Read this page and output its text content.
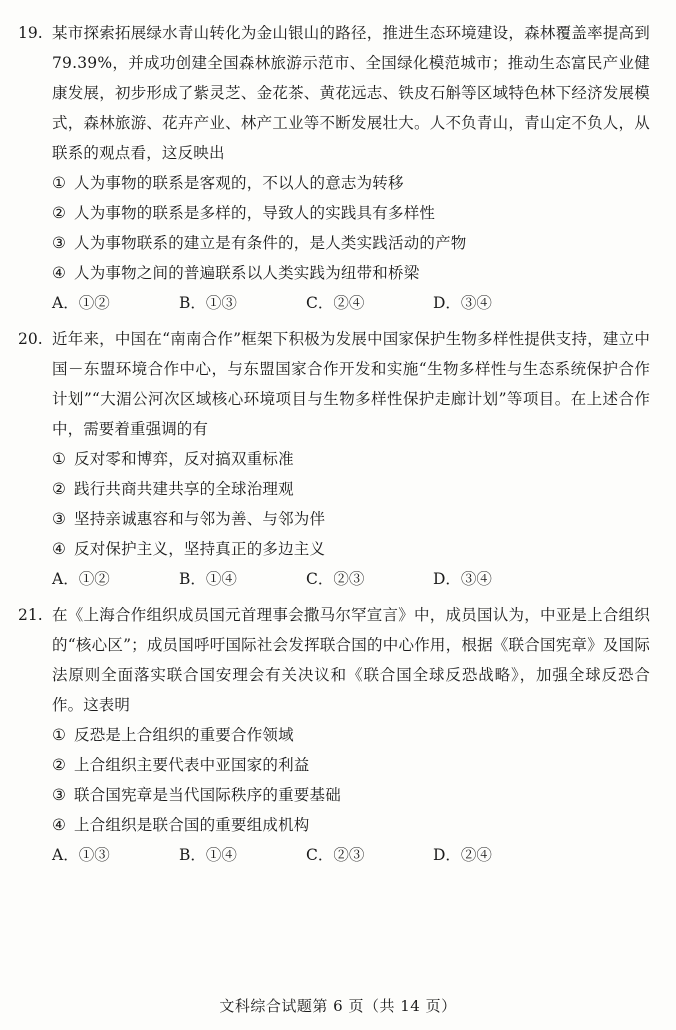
19. 某市探索拓展绿水青山转化为金山银山的路径，推进生态环境建设，森林覆盖率提高到 79.39%，并成功创建全国森林旅游示范市、全国绿化模范城市；推动生态富民产业健康发展，初步形成了紫灵芝、金花茶、黄花远志、铁皮石斛等区域特色林下经济发展模式，森林旅游、花卉产业、林产工业等不断发展壮大。人不负青山，青山定不负人，从联系的观点看，这反映出
① 人为事物的联系是客观的，不以人的意志为转移
② 人为事物的联系是多样的，导致人的实践具有多样性
③ 人为事物联系的建立是有条件的，是人类实践活动的产物
④ 人为事物之间的普遍联系以人类实践为纽带和桥梁
A．①②	B．①③	C．②④	D．③④
20. 近年来，中国在“南南合作”框架下积极为发展中国家保护生物多样性提供支持，建立中国－东盟环境合作中心，与东盟国家合作开发和实施“生物多样性与生态系统保护合作计划”“大湄公河次区域核心环境项目与生物多样性保护走廊计划”等项目。在上述合作中，需要着重强调的有
① 反对零和博弈，反对搞双重标准
② 践行共商共建共享的全球治理观
③ 坚持亲诚惠容和与邻为善、与邻为伴
④ 反对保护主义，坚持真正的多边主义
A．①②	B．①④	C．②③	D．③④
21. 在《上海合作组织成员国元首理事会撒马尔罕宣言》中，成员国认为，中亚是上合组织的“核心区”；成员国呼吁国际社会发挥联合国的中心作用，根据《联合国宪章》及国际法原则全面落实联合国安理会有关决议和《联合国全球反恐战略》，加强全球反恐合作。这表明
① 反恐是上合组织的重要合作领域
② 上合组织主要代表中亚国家的利益
③ 联合国宪章是当代国际秩序的重要基础
④ 上合组织是联合国的重要组成机构
A．①③	B．①④	C．②③	D．②④
文科综合试题第 6 页（共 14 页）
